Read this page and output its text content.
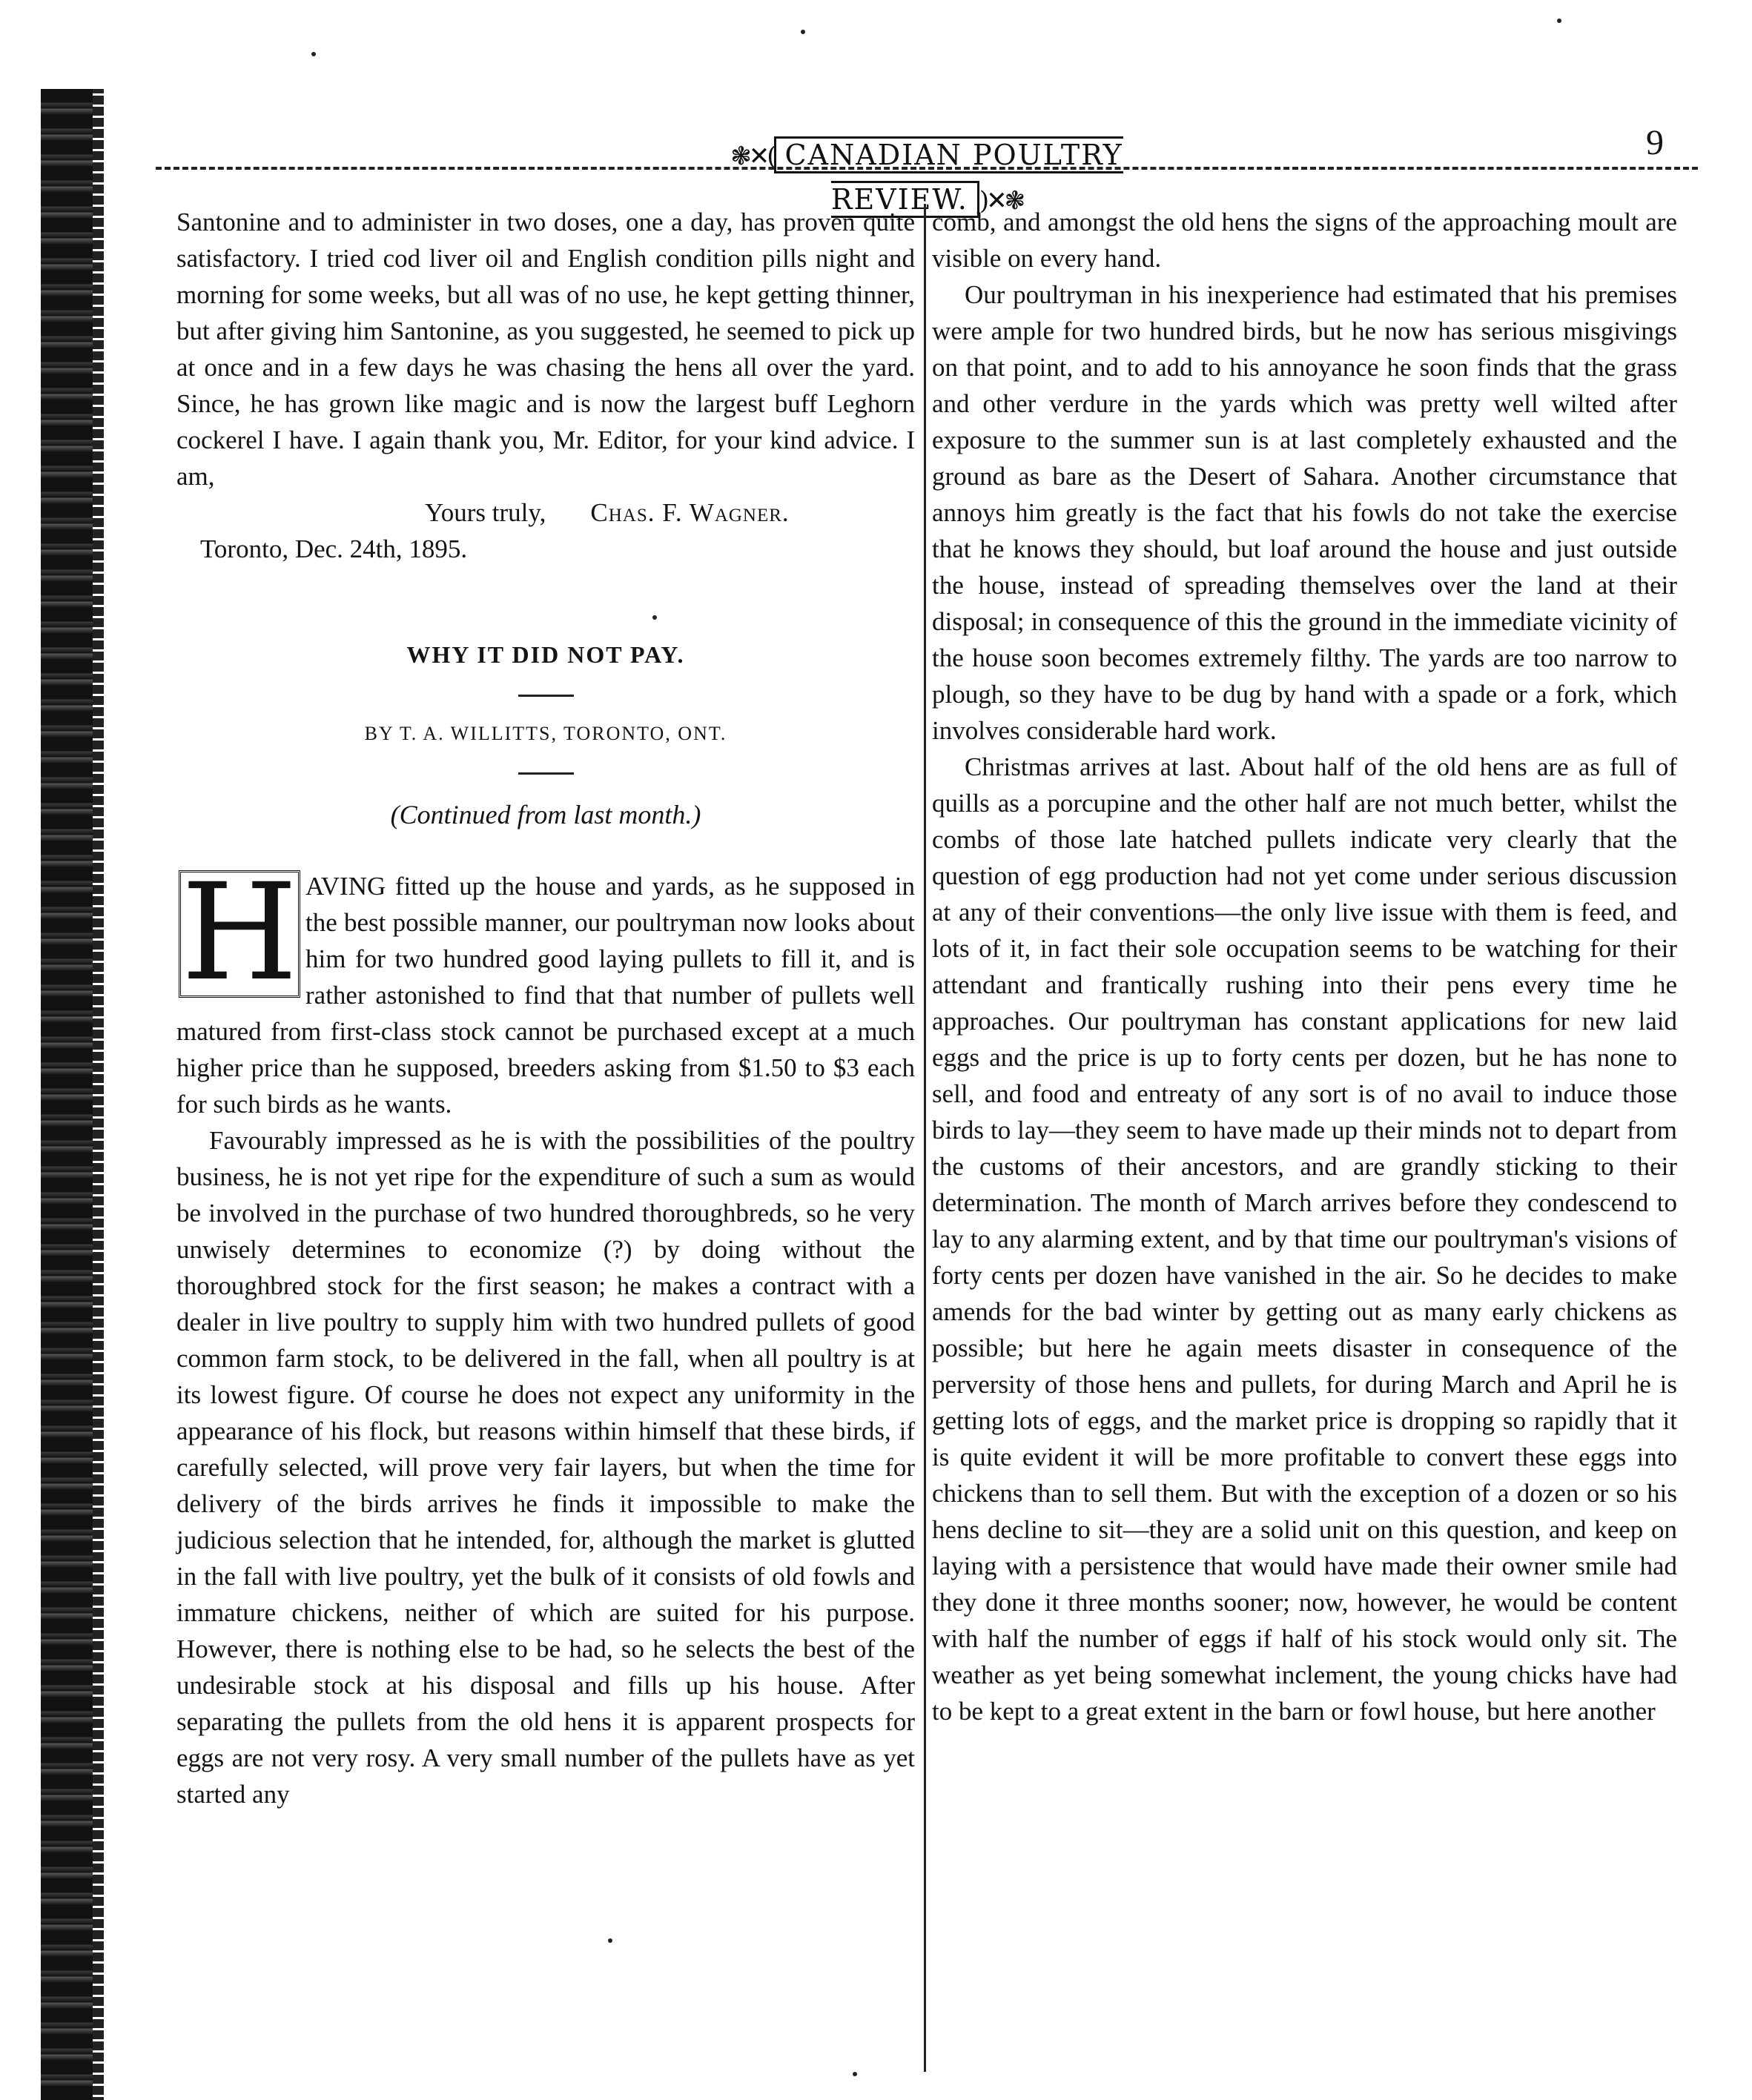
❃✕( CANADIAN POULTRY REVIEW. )✕❃
9

Santonine and to administer in two doses, one a day, has proven quite satisfactory. I tried cod liver oil and English condition pills night and morning for some weeks, but all was of no use, he kept getting thinner, but after giving him Santonine, as you suggested, he seemed to pick up at once and in a few days he was chasing the hens all over the yard. Since, he has grown like magic and is now the largest buff Leghorn cockerel I have. I again thank you, Mr. Editor, for your kind advice. I am,

Yours truly, Chas. F. Wagner.

Toronto, Dec. 24th, 1895.

WHY IT DID NOT PAY.
BY T. A. WILLITTS, TORONTO, ONT.
(Continued from last month.)

HAVING fitted up the house and yards, as he supposed in the best possible manner, our poultryman now looks about him for two hundred good laying pullets to fill it, and is rather astonished to find that that number of pullets well matured from first-class stock cannot be purchased except at a much higher price than he supposed, breeders asking from $1.50 to $3 each for such birds as he wants.

Favourably impressed as he is with the possibilities of the poultry business, he is not yet ripe for the expenditure of such a sum as would be involved in the purchase of two hundred thoroughbreds, so he very unwisely determines to economize (?) by doing without the thoroughbred stock for the first season; he makes a contract with a dealer in live poultry to supply him with two hundred pullets of good common farm stock, to be delivered in the fall, when all poultry is at its lowest figure. Of course he does not expect any uniformity in the appearance of his flock, but reasons within himself that these birds, if carefully selected, will prove very fair layers, but when the time for delivery of the birds arrives he finds it impossible to make the judicious selection that he intended, for, although the market is glutted in the fall with live poultry, yet the bulk of it consists of old fowls and immature chickens, neither of which are suited for his purpose. However, there is nothing else to be had, so he selects the best of the undesirable stock at his disposal and fills up his house. After separating the pullets from the old hens it is apparent prospects for eggs are not very rosy. A very small number of the pullets have as yet started any

comb, and amongst the old hens the signs of the approaching moult are visible on every hand.

Our poultryman in his inexperience had estimated that his premises were ample for two hundred birds, but he now has serious misgivings on that point, and to add to his annoyance he soon finds that the grass and other verdure in the yards which was pretty well wilted after exposure to the summer sun is at last completely exhausted and the ground as bare as the Desert of Sahara. Another circumstance that annoys him greatly is the fact that his fowls do not take the exercise that he knows they should, but loaf around the house and just outside the house, instead of spreading themselves over the land at their disposal; in consequence of this the ground in the immediate vicinity of the house soon becomes extremely filthy. The yards are too narrow to plough, so they have to be dug by hand with a spade or a fork, which involves considerable hard work.

Christmas arrives at last. About half of the old hens are as full of quills as a porcupine and the other half are not much better, whilst the combs of those late hatched pullets indicate very clearly that the question of egg production had not yet come under serious discussion at any of their conventions—the only live issue with them is feed, and lots of it, in fact their sole occupation seems to be watching for their attendant and frantically rushing into their pens every time he approaches. Our poultryman has constant applications for new laid eggs and the price is up to forty cents per dozen, but he has none to sell, and food and entreaty of any sort is of no avail to induce those birds to lay—they seem to have made up their minds not to depart from the customs of their ancestors, and are grandly sticking to their determination. The month of March arrives before they condescend to lay to any alarming extent, and by that time our poultryman's visions of forty cents per dozen have vanished in the air. So he decides to make amends for the bad winter by getting out as many early chickens as possible; but here he again meets disaster in consequence of the perversity of those hens and pullets, for during March and April he is getting lots of eggs, and the market price is dropping so rapidly that it is quite evident it will be more profitable to convert these eggs into chickens than to sell them. But with the exception of a dozen or so his hens decline to sit—they are a solid unit on this question, and keep on laying with a persistence that would have made their owner smile had they done it three months sooner; now, however, he would be content with half the number of eggs if half of his stock would only sit. The weather as yet being somewhat inclement, the young chicks have had to be kept to a great extent in the barn or fowl house, but here another
